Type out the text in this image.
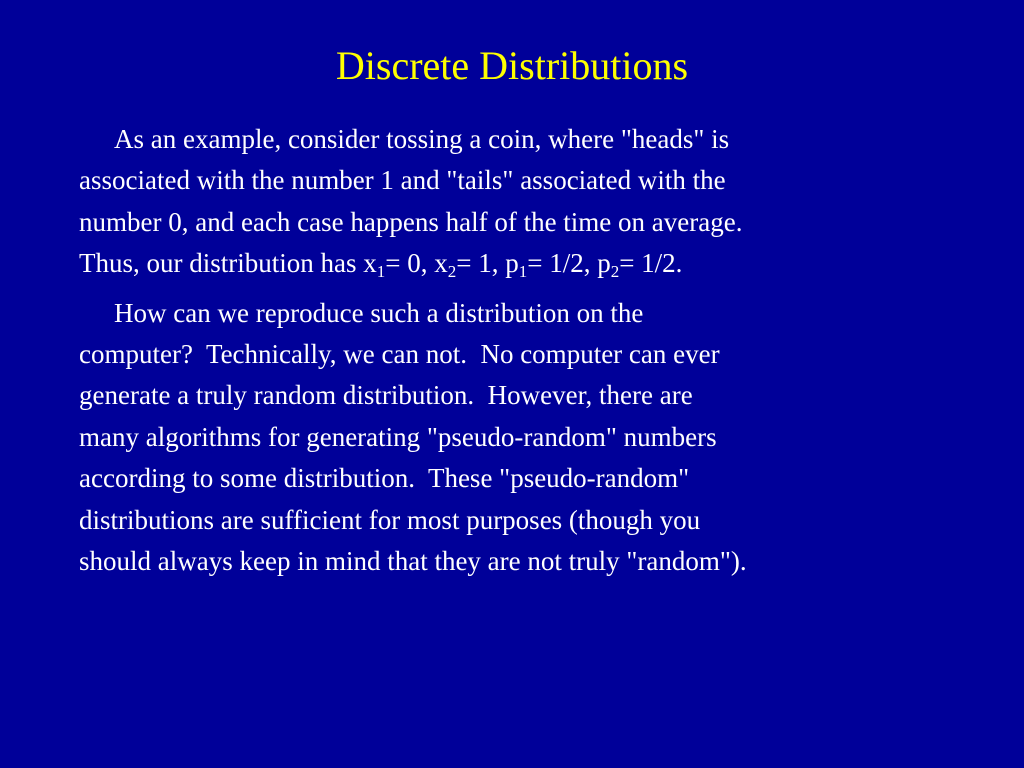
Discrete Distributions

As an example, consider tossing a coin, where "heads" is
associated with the number 1 and "tails" associated with the
number 0, and each case happens half of the time on average.
Thus, our distribution has $x_1= 0$, $x_2= 1$, $p_1= 1/2$, $p_2= 1/2$.

How can we reproduce such a distribution on the
computer?  Technically, we can not.  No computer can ever
generate a truly random distribution.  However, there are
many algorithms for generating "pseudo-random" numbers
according to some distribution.  These "pseudo-random"
distributions are sufficient for most purposes (though you
should always keep in mind that they are not truly "random").
